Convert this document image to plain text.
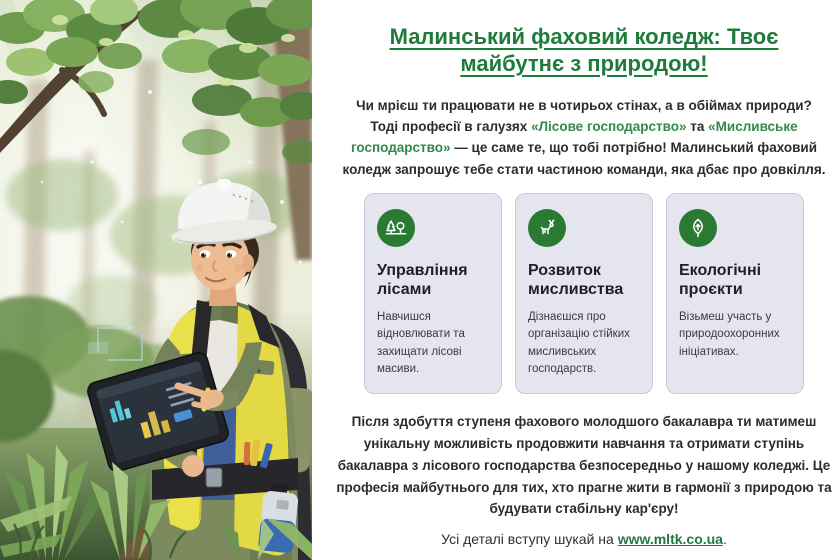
Малинський фаховий коледж: Твоє майбутнє з природою!

Чи мрієш ти працювати не в чотирьох стінах, а в обіймах природи? Тоді професії в галузях «Лісове господарство» та «Мисливське господарство» — це саме те, що тобі потрібно! Малинський фаховий коледж запрошує тебе стати частиною команди, яка дбає про довкілля.

Управління лісами

Навчишся відновлювати та захищати лісові масиви.

Розвиток мисливства

Дізнаєшся про організацію стійких мисливських господарств.

Екологічні проєкти

Візьмеш участь у природоохоронних ініціативах.

Після здобуття ступеня фахового молодшого бакалавра ти матимеш унікальну можливість продовжити навчання та отримати ступінь бакалавра з лісового господарства безпосередньо у нашому коледжі. Це професія майбутнього для тих, хто прагне жити в гармонії з природою та будувати стабільну кар'єру!

Усі деталі вступу шукай на www.mltk.co.ua.
